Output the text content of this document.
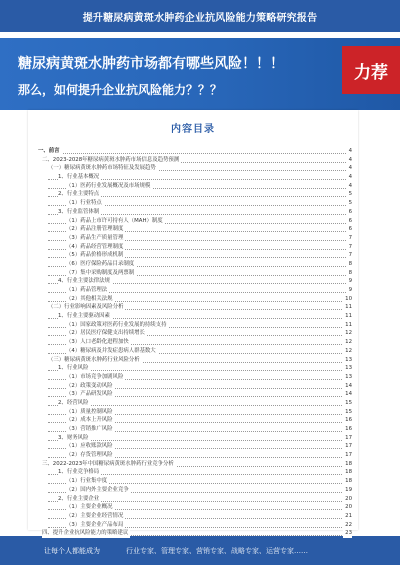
提升糖尿病黄斑水肿药企业抗风险能力策略研究报告
糖尿病黄斑水肿药市场都有哪些风险！！！
那么，如何提升企业抗风险能力？？？
力荐
内容目录
一、前言	4
二、2023-2028年糖尿病黄斑水肿药市场信息及趋势预测	4
（一）糖尿病黄斑水肿药市场特征及发展趋势	4
1、行业基本概况	4
（1）医药行业发展概况及市场规模	4
2、行业主要特点	5
（1）行业特点	5
3、行业监管体制	6
（1）药品上市许可持有人（MAH）制度	6
（2）药品注册管理制度	6
（3）药品生产质量管理	7
（4）药品经营管理制度	7
（5）药品价格形成机制	7
（6）医疗保险药品目录制度	8
（7）集中采购制度及两票制	8
4、行业主要法律法规	9
（1）药品管理法	9
（2）其他相关法规	10
（二）行业影响因素及风险分析	11
1、行业主要驱动因素	11
（1）国家政策对医药行业发展的持续支持	11
（2）居民医疗保健支出持续增长	12
（3）人口老龄化进程加快	12
（4）糖尿病及并发症患病人群基数大	12
（三）糖尿病黄斑水肿药行业风险分析	13
1、行业风险	13
（1）市场竞争加剧风险	13
（2）政策变动风险	14
（3）产品研发风险	14
2、经营风险	15
（1）质量控制风险	15
（2）成本上升风险	16
（3）营销推广风险	16
3、财务风险	17
（1）应收账款风险	17
（2）存货管理风险	17
三、2022-2023年中国糖尿病黄斑水肿药行业竞争分析	18
1、行业竞争格局	18
（1）行业集中度	18
（2）国内外主要企业竞争	19
2、行业主要企业	20
（1）主要企业概况	20
（2）主要企业经营情况	21
（3）主要企业产品布局	22
四、提升企业抗风险能力的策略建议	23
让每个人都能成为	行业专家、管理专家、营销专家、战略专家、运营专家……
